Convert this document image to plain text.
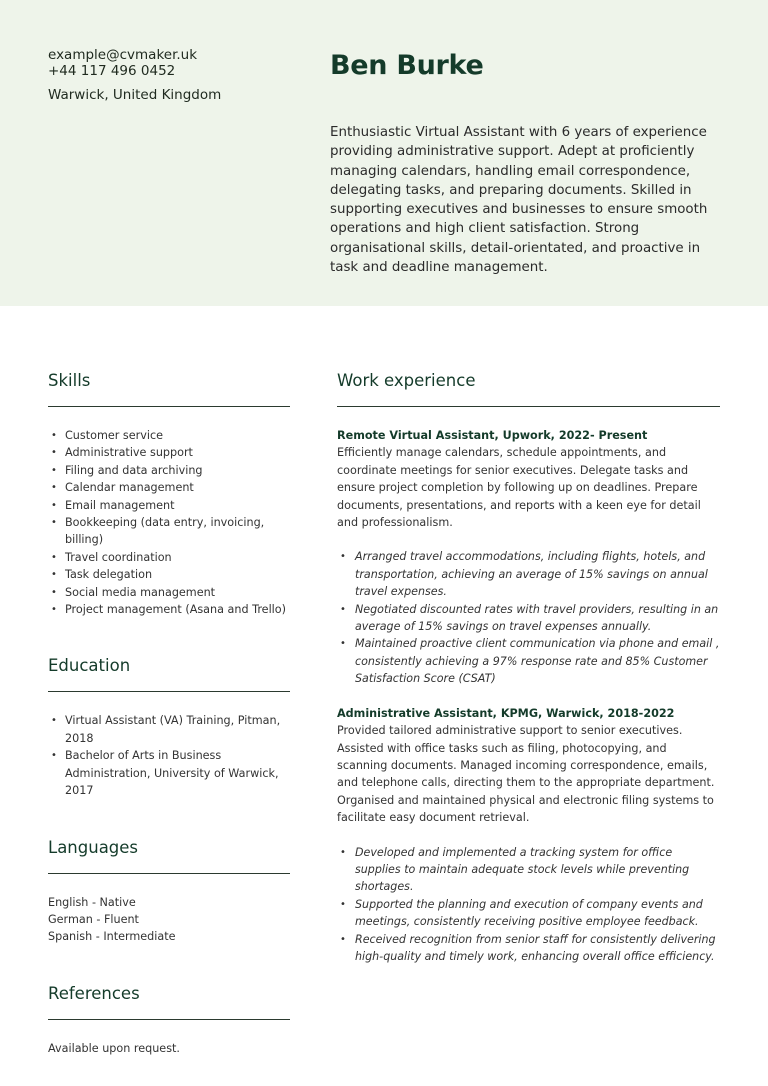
example@cvmaker.uk
+44 117 496 0452
Warwick, United Kingdom
Ben Burke
Enthusiastic Virtual Assistant with 6 years of experience providing administrative support. Adept at proficiently managing calendars, handling email correspondence, delegating tasks, and preparing documents. Skilled in supporting executives and businesses to ensure smooth operations and high client satisfaction. Strong organisational skills, detail-orientated, and proactive in task and deadline management.
Skills
• Customer service
• Administrative support
• Filing and data archiving
• Calendar management
• Email management
• Bookkeeping (data entry, invoicing, billing)
• Travel coordination
• Task delegation
• Social media management
• Project management (Asana and Trello)
Education
• Virtual Assistant (VA) Training, Pitman, 2018
• Bachelor of Arts in Business Administration, University of Warwick, 2017
Languages
English - Native
German - Fluent
Spanish - Intermediate
References
Available upon request.
Work experience
Remote Virtual Assistant, Upwork, 2022- Present
Efficiently manage calendars, schedule appointments, and coordinate meetings for senior executives. Delegate tasks and ensure project completion by following up on deadlines. Prepare documents, presentations, and reports with a keen eye for detail and professionalism.
• Arranged travel accommodations, including flights, hotels, and transportation, achieving an average of 15% savings on annual travel expenses.
• Negotiated discounted rates with travel providers, resulting in an average of 15% savings on travel expenses annually.
• Maintained proactive client communication via phone and email , consistently achieving a 97% response rate and 85% Customer Satisfaction Score (CSAT)
Administrative Assistant, KPMG, Warwick, 2018-2022
Provided tailored administrative support to senior executives. Assisted with office tasks such as filing, photocopying, and scanning documents. Managed incoming correspondence, emails, and telephone calls, directing them to the appropriate department. Organised and maintained physical and electronic filing systems to facilitate easy document retrieval.
• Developed and implemented a tracking system for office supplies to maintain adequate stock levels while preventing shortages.
• Supported the planning and execution of company events and meetings, consistently receiving positive employee feedback.
• Received recognition from senior staff for consistently delivering high-quality and timely work, enhancing overall office efficiency.
